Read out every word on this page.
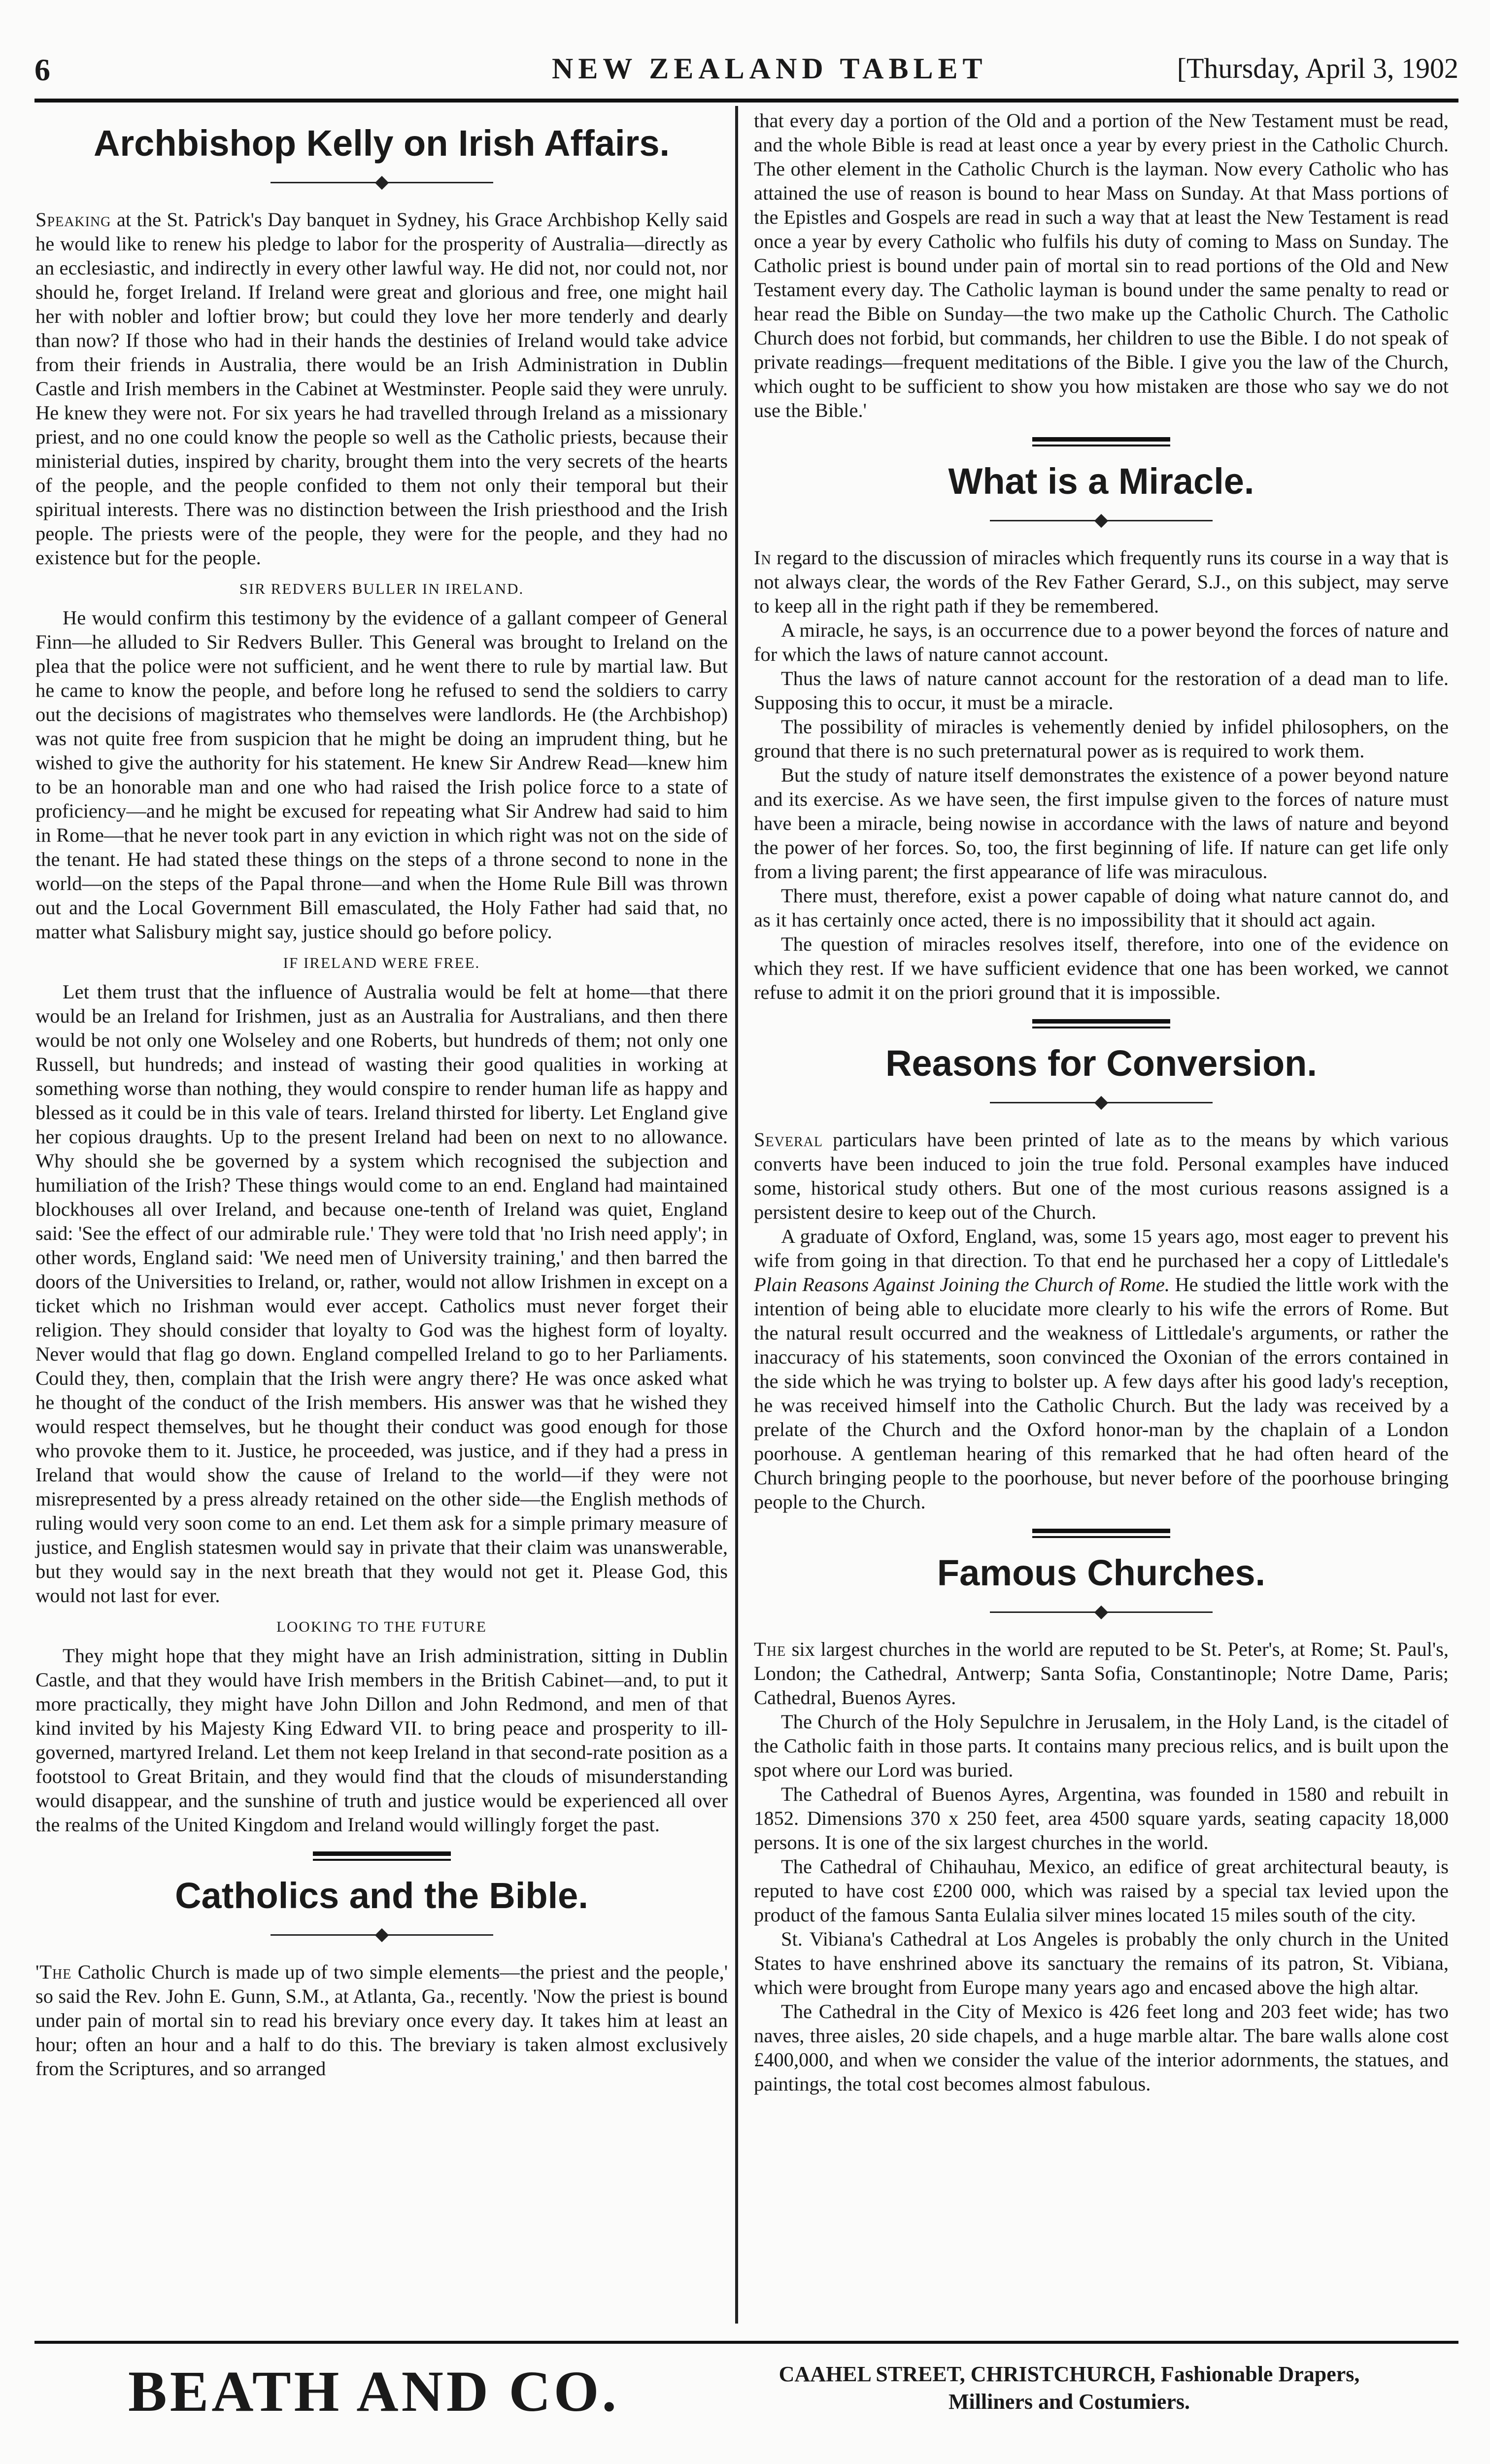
6	NEW ZEALAND TABLET	[Thursday, April 3, 1902
Archbishop Kelly on Irish Affairs.

Speaking at the St. Patrick's Day banquet in Sydney, his Grace Archbishop Kelly said he would like to renew his pledge to labor for the prosperity of Australia—directly as an ecclesiastic, and indirectly in every other lawful way. He did not, nor could not, nor should he, forget Ireland. If Ireland were great and glorious and free, one might hail her with nobler and loftier brow; but could they love her more tenderly and dearly than now? If those who had in their hands the destinies of Ireland would take advice from their friends in Australia, there would be an Irish Administration in Dublin Castle and Irish members in the Cabinet at Westminster. People said they were unruly. He knew they were not. For six years he had travelled through Ireland as a missionary priest, and no one could know the people so well as the Catholic priests, because their ministerial duties, inspired by charity, brought them into the very secrets of the hearts of the people, and the people confided to them not only their temporal but their spiritual interests. There was no distinction between the Irish priesthood and the Irish people. The priests were of the people, they were for the people, and they had no existence but for the people.

SIR REDVERS BULLER IN IRELAND.

He would confirm this testimony by the evidence of a gallant compeer of General Finn—he alluded to Sir Redvers Buller. This General was brought to Ireland on the plea that the police were not sufficient, and he went there to rule by martial law. But he came to know the people, and before long he refused to send the soldiers to carry out the decisions of magistrates who themselves were landlords. He (the Archbishop) was not quite free from suspicion that he might be doing an imprudent thing, but he wished to give the authority for his statement. He knew Sir Andrew Read—knew him to be an honorable man and one who had raised the Irish police force to a state of proficiency—and he might be excused for repeating what Sir Andrew had said to him in Rome—that he never took part in any eviction in which right was not on the side of the tenant. He had stated these things on the steps of a throne second to none in the world—on the steps of the Papal throne—and when the Home Rule Bill was thrown out and the Local Government Bill emasculated, the Holy Father had said that, no matter what Salisbury might say, justice should go before policy.

IF IRELAND WERE FREE.

Let them trust that the influence of Australia would be felt at home—that there would be an Ireland for Irishmen, just as an Australia for Australians, and then there would be not only one Wolseley and one Roberts, but hundreds of them; not only one Russell, but hundreds; and instead of wasting their good qualities in working at something worse than nothing, they would conspire to render human life as happy and blessed as it could be in this vale of tears. Ireland thirsted for liberty. Let England give her copious draughts. Up to the present Ireland had been on next to no allowance. Why should she be governed by a system which recognised the subjection and humiliation of the Irish? These things would come to an end. England had maintained blockhouses all over Ireland, and because one-tenth of Ireland was quiet, England said: 'See the effect of our admirable rule.' They were told that 'no Irish need apply'; in other words, England said: 'We need men of University training,' and then barred the doors of the Universities to Ireland, or, rather, would not allow Irishmen in except on a ticket which no Irishman would ever accept. Catholics must never forget their religion. They should consider that loyalty to God was the highest form of loyalty. Never would that flag go down. England compelled Ireland to go to her Parliaments. Could they, then, complain that the Irish were angry there? He was once asked what he thought of the conduct of the Irish members. His answer was that he wished they would respect themselves, but he thought their conduct was good enough for those who provoke them to it. Justice, he proceeded, was justice, and if they had a press in Ireland that would show the cause of Ireland to the world—if they were not misrepresented by a press already retained on the other side—the English methods of ruling would very soon come to an end. Let them ask for a simple primary measure of justice, and English statesmen would say in private that their claim was unanswerable, but they would say in the next breath that they would not get it. Please God, this would not last for ever.

LOOKING TO THE FUTURE

They might hope that they might have an Irish administration, sitting in Dublin Castle, and that they would have Irish members in the British Cabinet—and, to put it more practically, they might have John Dillon and John Redmond, and men of that kind invited by his Majesty King Edward VII. to bring peace and prosperity to ill-governed, martyred Ireland. Let them not keep Ireland in that second-rate position as a footstool to Great Britain, and they would find that the clouds of misunderstanding would disappear, and the sunshine of truth and justice would be experienced all over the realms of the United Kingdom and Ireland would willingly forget the past.

Catholics and the Bible.

'The Catholic Church is made up of two simple elements—the priest and the people,' so said the Rev. John E. Gunn, S.M., at Atlanta, Ga., recently. 'Now the priest is bound under pain of mortal sin to read his breviary once every day. It takes him at least an hour; often an hour and a half to do this. The breviary is taken almost exclusively from the Scriptures, and so arranged

that every day a portion of the Old and a portion of the New Testament must be read, and the whole Bible is read at least once a year by every priest in the Catholic Church. The other element in the Catholic Church is the layman. Now every Catholic who has attained the use of reason is bound to hear Mass on Sunday. At that Mass portions of the Epistles and Gospels are read in such a way that at least the New Testament is read once a year by every Catholic who fulfils his duty of coming to Mass on Sunday. The Catholic priest is bound under pain of mortal sin to read portions of the Old and New Testament every day. The Catholic layman is bound under the same penalty to read or hear read the Bible on Sunday—the two make up the Catholic Church. The Catholic Church does not forbid, but commands, her children to use the Bible. I do not speak of private readings—frequent meditations of the Bible. I give you the law of the Church, which ought to be sufficient to show you how mistaken are those who say we do not use the Bible.'

What is a Miracle.

In regard to the discussion of miracles which frequently runs its course in a way that is not always clear, the words of the Rev Father Gerard, S.J., on this subject, may serve to keep all in the right path if they be remembered.

A miracle, he says, is an occurrence due to a power beyond the forces of nature and for which the laws of nature cannot account.

Thus the laws of nature cannot account for the restoration of a dead man to life. Supposing this to occur, it must be a miracle.

The possibility of miracles is vehemently denied by infidel philosophers, on the ground that there is no such preternatural power as is required to work them.

But the study of nature itself demonstrates the existence of a power beyond nature and its exercise. As we have seen, the first impulse given to the forces of nature must have been a miracle, being nowise in accordance with the laws of nature and beyond the power of her forces. So, too, the first beginning of life. If nature can get life only from a living parent; the first appearance of life was miraculous.

There must, therefore, exist a power capable of doing what nature cannot do, and as it has certainly once acted, there is no impossibility that it should act again.

The question of miracles resolves itself, therefore, into one of the evidence on which they rest. If we have sufficient evidence that one has been worked, we cannot refuse to admit it on the priori ground that it is impossible.

Reasons for Conversion.

Several particulars have been printed of late as to the means by which various converts have been induced to join the true fold. Personal examples have induced some, historical study others. But one of the most curious reasons assigned is a persistent desire to keep out of the Church.

A graduate of Oxford, England, was, some 15 years ago, most eager to prevent his wife from going in that direction. To that end he purchased her a copy of Littledale's Plain Reasons Against Joining the Church of Rome. He studied the little work with the intention of being able to elucidate more clearly to his wife the errors of Rome. But the natural result occurred and the weakness of Littledale's arguments, or rather the inaccuracy of his statements, soon convinced the Oxonian of the errors contained in the side which he was trying to bolster up. A few days after his good lady's reception, he was received himself into the Catholic Church. But the lady was received by a prelate of the Church and the Oxford honor-man by the chaplain of a London poorhouse. A gentleman hearing of this remarked that he had often heard of the Church bringing people to the poorhouse, but never before of the poorhouse bringing people to the Church.

Famous Churches.

The six largest churches in the world are reputed to be St. Peter's, at Rome; St. Paul's, London; the Cathedral, Antwerp; Santa Sofia, Constantinople; Notre Dame, Paris; Cathedral, Buenos Ayres.

The Church of the Holy Sepulchre in Jerusalem, in the Holy Land, is the citadel of the Catholic faith in those parts. It contains many precious relics, and is built upon the spot where our Lord was buried.

The Cathedral of Buenos Ayres, Argentina, was founded in 1580 and rebuilt in 1852. Dimensions 370 x 250 feet, area 4500 square yards, seating capacity 18,000 persons. It is one of the six largest churches in the world.

The Cathedral of Chihauhau, Mexico, an edifice of great architectural beauty, is reputed to have cost £200 000, which was raised by a special tax levied upon the product of the famous Santa Eulalia silver mines located 15 miles south of the city.

St. Vibiana's Cathedral at Los Angeles is probably the only church in the United States to have enshrined above its sanctuary the remains of its patron, St. Vibiana, which were brought from Europe many years ago and encased above the high altar.

The Cathedral in the City of Mexico is 426 feet long and 203 feet wide; has two naves, three aisles, 20 side chapels, and a huge marble altar. The bare walls alone cost £400,000, and when we consider the value of the interior adornments, the statues, and paintings, the total cost becomes almost fabulous.

BEATH AND CO.	CAAHEL STREET, CHRISTCHURCH, Fashionable Drapers,
Milliners and Costumiers.
